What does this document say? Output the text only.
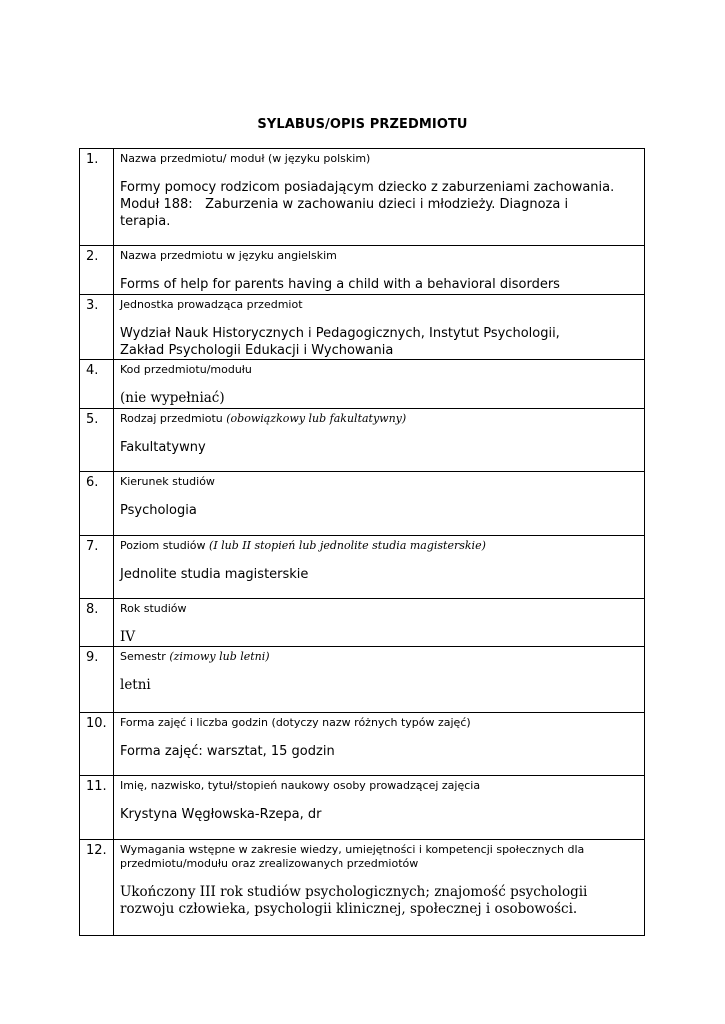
SYLABUS/OPIS PRZEDMIOTU
1.	Nazwa przedmiotu/ moduł (w języku polskim)
Formy pomocy rodzicom posiadającym dziecko z zaburzeniami zachowania.
Moduł 188:   Zaburzenia w zachowaniu dzieci i młodzieży. Diagnoza i
terapia.

2.	Nazwa przedmiotu w języku angielskim
Forms of help for parents having a child with a behavioral disorders

3.	Jednostka prowadząca przedmiot
Wydział Nauk Historycznych i Pedagogicznych, Instytut Psychologii,
Zakład Psychologii Edukacji i Wychowania

4.	Kod przedmiotu/modułu
(nie wypełniać)

5.	Rodzaj przedmiotu (obowiązkowy lub fakultatywny)
Fakultatywny

6.	Kierunek studiów
Psychologia

7.	Poziom studiów (I lub II stopień lub jednolite studia magisterskie)
Jednolite studia magisterskie

8.	Rok studiów
IV

9.	Semestr (zimowy lub letni)
letni

10.	Forma zajęć i liczba godzin (dotyczy nazw różnych typów zajęć)
Forma zajęć: warsztat, 15 godzin

11.	Imię, nazwisko, tytuł/stopień naukowy osoby prowadzącej zajęcia
Krystyna Węgłowska-Rzepa, dr

12.	Wymagania wstępne w zakresie wiedzy, umiejętności i kompetencji społecznych dla przedmiotu/modułu oraz zrealizowanych przedmiotów
Ukończony III rok studiów psychologicznych; znajomość psychologii
rozwoju człowieka, psychologii klinicznej, społecznej i osobowości.
